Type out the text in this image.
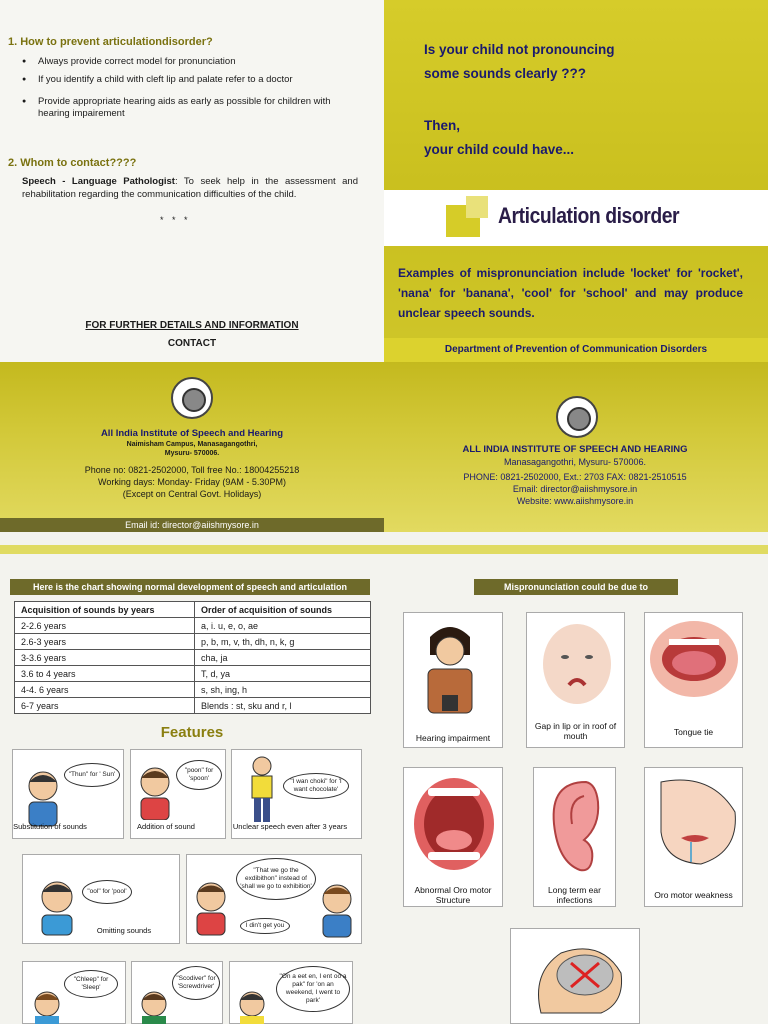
1. How to prevent articulationdisorder?
● Always provide correct model for pronunciation
● If you identify a child with cleft lip and palate refer to a doctor
● Provide appropriate hearing aids as early as possible for children with hearing impairement
2. Whom to contact????

Speech - Language Pathologist: To seek help in the assessment and rehabilitation regarding the communication difficulties of the child.

* * *
FOR FURTHER DETAILS AND INFORMATION
CONTACT
Is your child not pronouncing
some sounds clearly ???
Then,
your child could have...
Articulation disorder

Examples of mispronunciation include 'locket' for 'rocket', 'nana' for 'banana', 'cool' for 'school' and may produce unclear speech sounds.

Department of Prevention of Communication Disorders
All India Institute of Speech and Hearing
Naimisham Campus, Manasagangothri,
Mysuru- 570006.
Phone no: 0821-2502000, Toll free No.: 18004255218
Working days: Monday- Friday (9AM - 5.30PM)
(Except on Central Govt. Holidays)
Email id: director@aiishmysore.in
ALL INDIA INSTITUTE OF SPEECH AND HEARING
Manasagangothri, Mysuru- 570006.
PHONE: 0821-2502000, Ext.: 2703 FAX: 0821-2510515
Email: director@aiishmysore.in
Website: www.aiishmysore.in
Here is the chart showing normal development of speech and articulation
Acquisition of sounds by years	Order of acquisition of sounds
2-2.6 years	a, i. u, e, o, ae
2.6-3 years	p, b, m, v, th, dh, n, k, g
3-3.6 years	cha, ja
3.6 to 4 years	T, d, ya
4-4. 6 years	s, sh, ing, h
6-7 years	Blends : st, sku and r, l
Features
"Thun" for ' Sun'
Substitution of sounds
"poon" for 'spoon'
Addition of sound
"I wan choki" for 'I want chocolate'
Unclear speech even after 3 years
"ool" for 'pool'
Omitting sounds
"That we go the exdibithon" instead of 'shall we go to exhibition'
I din't get you
"Chleep" for 'Sleep'
"Scodiver" for 'Screwdriver'
"On a eet en, I ent oo a pak" for 'on an weekend, I went to park'
Mispronunciation could be due to
Hearing impairment
Gap in lip or in roof of mouth	Tongue tie
Abnormal Oro motor Structure
Long term ear infections	Oro motor weakness
